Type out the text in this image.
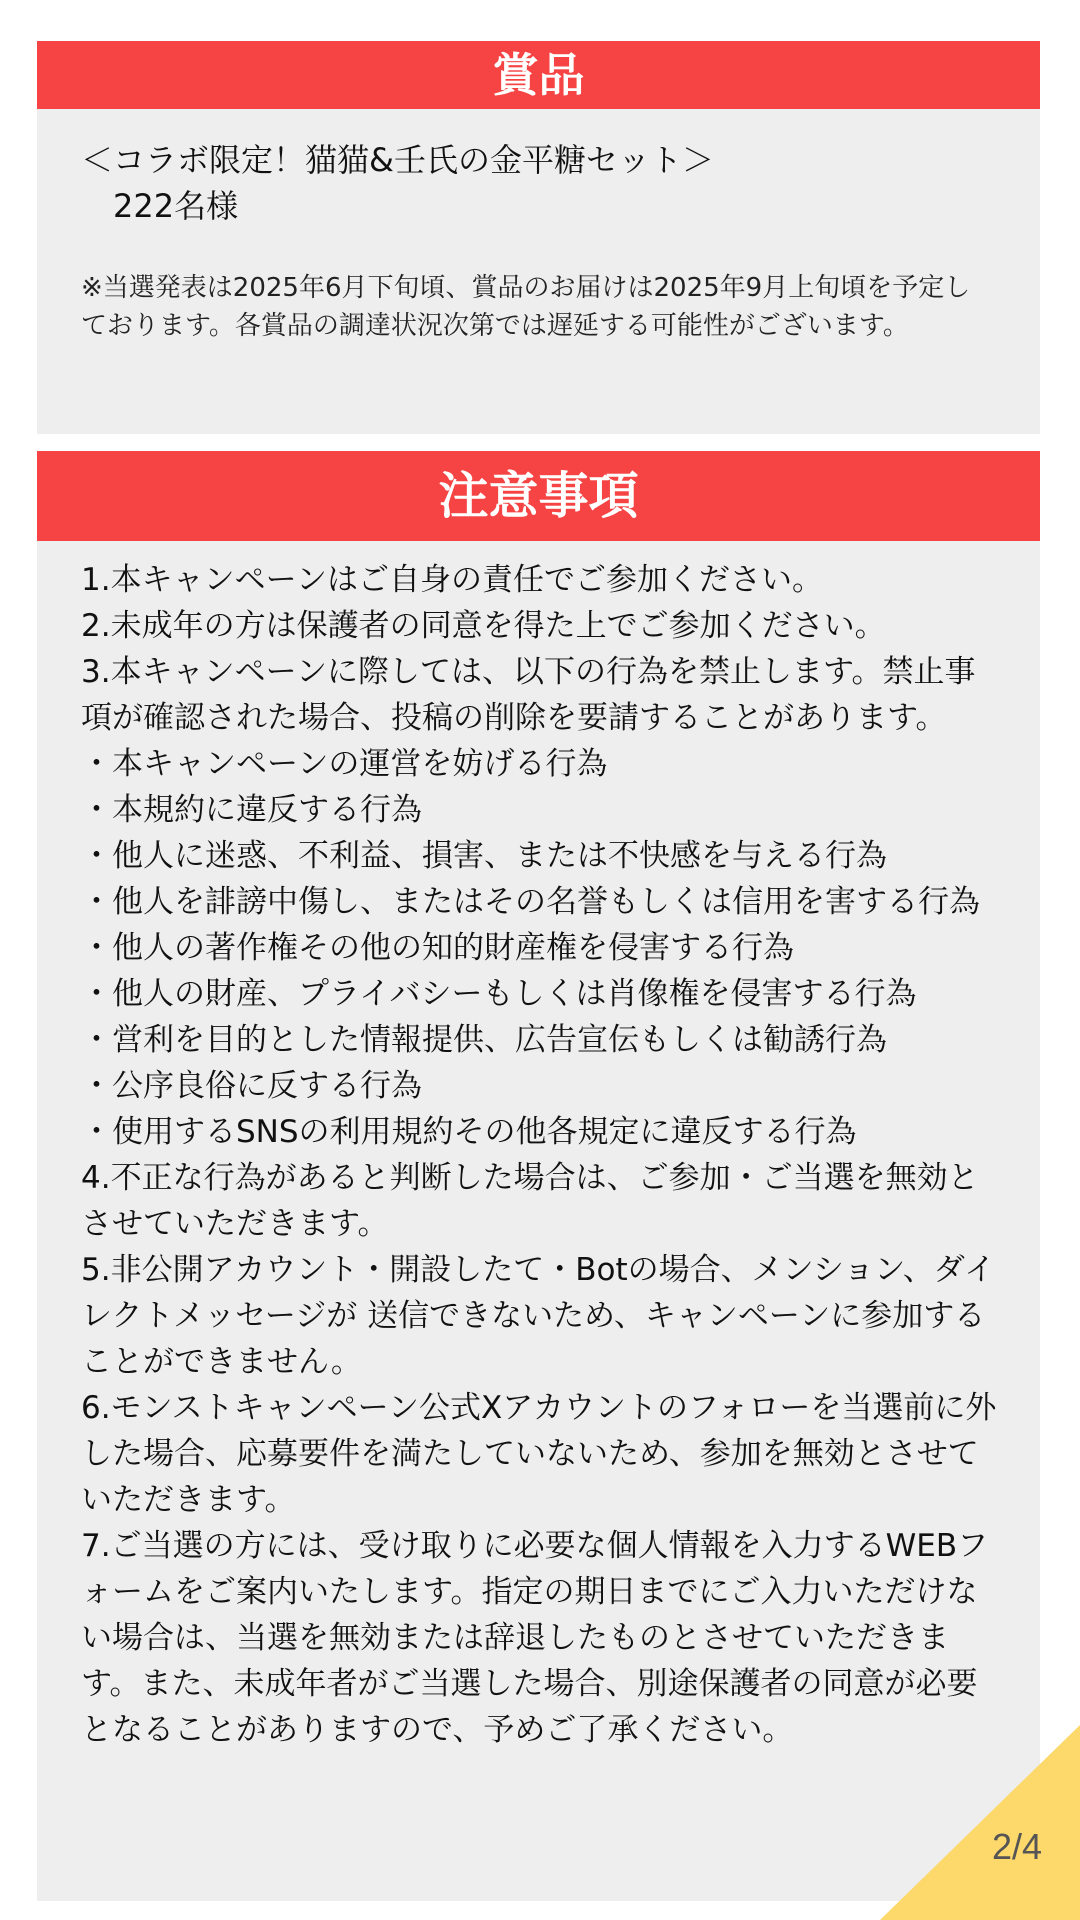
賞品
＜コラボ限定！猫猫&壬氏の金平糖セット＞
222名様
※当選発表は2025年6月下旬頃、賞品のお届けは2025年9月上旬頃を予定しております。各賞品の調達状況次第では遅延する可能性がございます。
注意事項
1.本キャンペーンはご自身の責任でご参加ください。
2.未成年の方は保護者の同意を得た上でご参加ください。
3.本キャンペーンに際しては、以下の行為を禁止します。禁止事項が確認された場合、投稿の削除を要請することがあります。
・本キャンペーンの運営を妨げる行為
・本規約に違反する行為
・他人に迷惑、不利益、損害、または不快感を与える行為
・他人を誹謗中傷し、またはその名誉もしくは信用を害する行為
・他人の著作権その他の知的財産権を侵害する行為
・他人の財産、プライバシーもしくは肖像権を侵害する行為
・営利を目的とした情報提供、広告宣伝もしくは勧誘行為
・公序良俗に反する行為
・使用するSNSの利用規約その他各規定に違反する行為
4.不正な行為があると判断した場合は、ご参加・ご当選を無効とさせていただきます。
5.非公開アカウント・開設したて・Botの場合、メンション、ダイレクトメッセージが 送信できないため、キャンペーンに参加することができません。
6.モンストキャンペーン公式Xアカウントのフォローを当選前に外した場合、応募要件を満たしていないため、参加を無効とさせていただきます。
7.ご当選の方には、受け取りに必要な個人情報を入力するWEBフォームをご案内いたします。指定の期日までにご入力いただけない場合は、当選を無効または辞退したものとさせていただきます。また、未成年者がご当選した場合、別途保護者の同意が必要となることがありますので、予めご了承ください。
2/4
